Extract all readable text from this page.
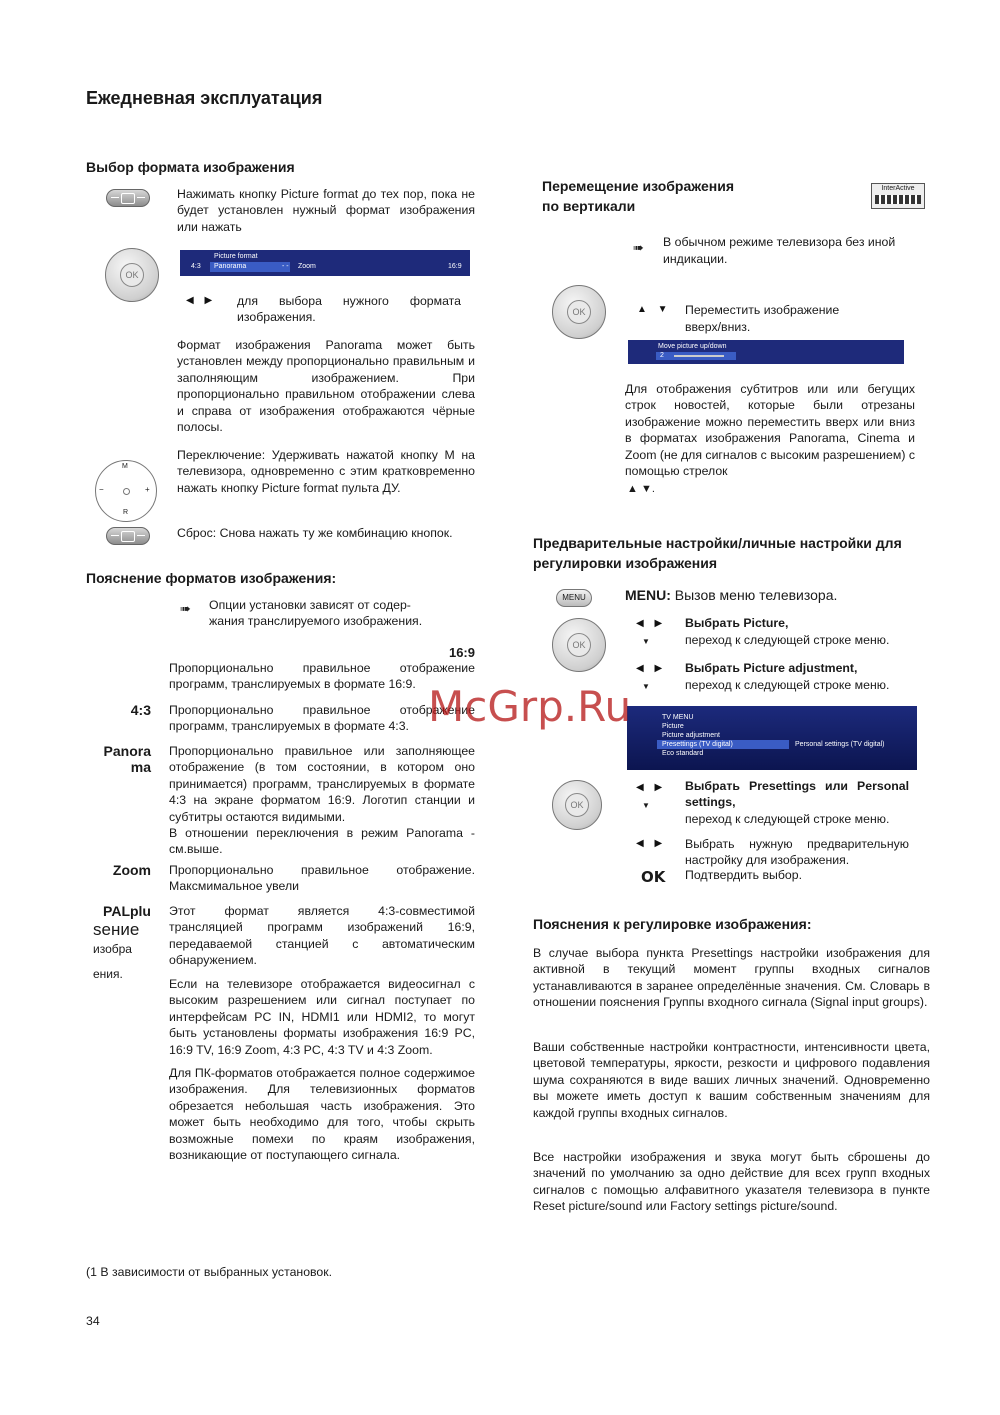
Ежедневная эксплуатация
Выбор формата изображения
Нажимать кнопку Picture format до тех пор, пока не будет установлен нужный формат изображения или нажать
OK
Picture format
4:3 Panorama	- - Zoom	16:9
◀ ▶ для выбора нужного формата изображения.
Формат изображения Panorama может быть установлен между пропорционально правильным и заполняющим изображением. При пропорционально правильном отображении слева и справа от изображения отображаются чёрные полосы.
M
R
−	+
Переключение: Удерживать нажатой кнопку M на телевизора, одновременно с этим кратковременно нажать кнопку Picture format пульта ДУ.
Сброс: Снова нажать ту же комбинацию кнопок.
Пояснение форматов изображения:
➠ Опции установки зависят от содер-жания транслируемого изображения.
16:9
Пропорционально правильное отображение программ, транслируемых в формате 16:9.
4:3 Пропорционально правильное отображение программ, транслируемых в формате 4:3.
Panora
ma
Пропорционально правильное или заполняющее отображение (в том состоянии, в котором оно принимается) программ, транслируемых в формате 4:3 на экране форматом 16:9. Логотип станции и субтитры остаются видимыми.
В отношении переключения в режим Panorama - см.выше.
Zoom Пропорционально правильное отображение. Максмимальное увели
PALplu
sение
изобра
ения.
Этот формат является 4:3-совместимой трансляцией программ изображений 16:9, передаваемой станцией с автоматическим обнаружением.
Если на телевизоре отображается видеосигнал с высоким разрешением или сигнал поступает по интерфейсам PC IN, HDMI1 или HDMI2, то могут быть установлены форматы изображения 16:9 PC, 16:9 TV, 16:9 Zoom, 4:3 PC, 4:3 TV и 4:3 Zoom.
Для ПК-форматов отображается полное содержимое изображения. Для телевизионных форматов обрезается небольшая часть изображения. Это может быть необходимо для того, чтобы скрыть возможные помехи по краям изображения, возникающие от поступающего сигнала.
Перемещение изображения
по вертикали
InterActive
➠ В обычном режиме телевизора без иной индикации.
OK	▲ ▼ Переместить изображение вверх/вниз.
Move picture up/down
2
Для отображения субтитров или или бегущих строк новостей, которые были отрезаны изображение можно переместить вверх или вниз в форматах изображения Panorama, Cinema и Zoom (не для сигналов с высоким разрешением) с помощью стрелок
▲ ▼.
Предварительные настройки/личные настройки для регулировки изображения
MENU	MENU: Вызов меню телевизора.
OK
◀ ▶
▼
Выбрать Picture,
переход к следующей строке меню.
◀ ▶
▼
Выбрать Picture adjustment,
переход к следующей строке меню.
TV MENU
Picture
Picture adjustment
Presettings (TV digital)	Personal settings (TV digital)
Eco standard
OK
◀ ▶
▼
Выбрать Presettings или Personal settings,
переход к следующей строке меню.
◀ ▶ Выбрать нужную предварительную настройку для изображения.
OK Подтвердить выбор.
Пояснения к регулировке изображения:
В случае выбора пункта Presettings настройки изображения для активной в текущий момент группы входных сигналов устанавливаются в заранее определённые значения. См. Словарь в отношении пояснения Группы входного сигнала (Signal input groups).
Ваши собственные настройки контрастности, интенсивности цвета, цветовой температуры, яркости, резкости и цифрового подавления шума сохраняются в виде ваших личных значений. Одновременно вы можете иметь доступ к вашим собственным значениям для каждой группы входных сигналов.
Все настройки изображения и звука могут быть сброшены до значений по умолчанию за одно действие для всех групп входных сигналов с помощью алфавитного указателя телевизора в пункте Reset picture/sound или Factory settings picture/sound.
McGrp.Ru
(1 В зависимости от выбранных установок.
34
